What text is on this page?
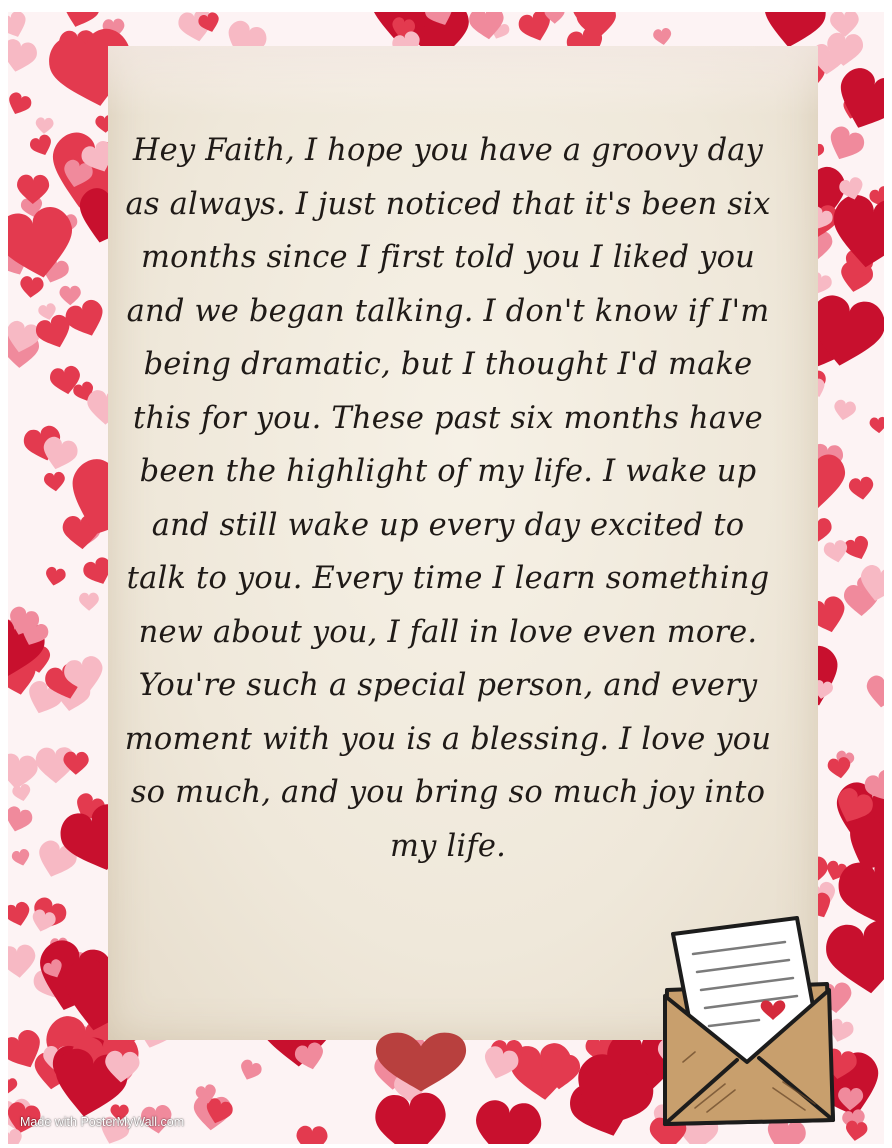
Hey Faith, I hope you have a groovy day as always. I just noticed that it's been six months since I first told you I liked you and we began talking. I don't know if I'm being dramatic, but I thought I'd make this for you. These past six months have been the highlight of my life. I wake up and still wake up every day excited to talk to you. Every time I learn something new about you, I fall in love even more. You're such a special person, and every moment with you is a blessing. I love you so much, and you bring so much joy into my life.

Made with PosterMyWall.com
